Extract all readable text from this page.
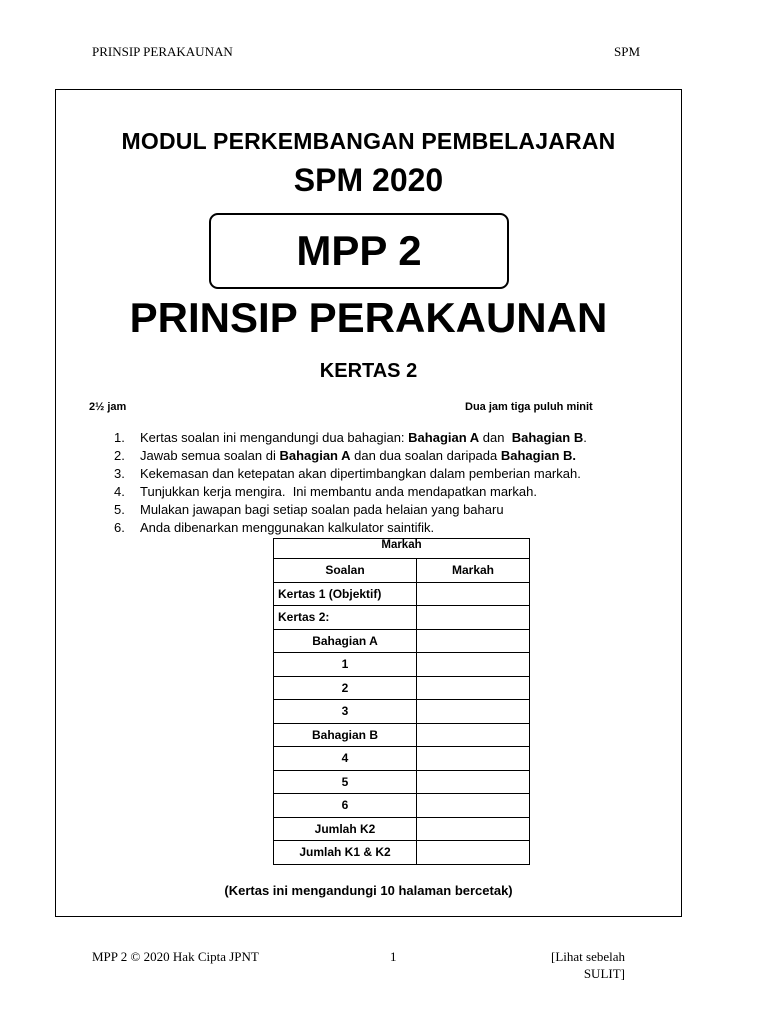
PRINSIP PERAKAUNAN	SPM
MODUL PERKEMBANGAN PEMBELAJARAN
SPM 2020
MPP 2
PRINSIP PERAKAUNAN
KERTAS 2
2½ jam	Dua jam tiga puluh minit
1.	Kertas soalan ini mengandungi dua bahagian: Bahagian A dan  Bahagian B.
2.	Jawab semua soalan di Bahagian A dan dua soalan daripada Bahagian B.
3.	Kekemasan dan ketepatan akan dipertimbangkan dalam pemberian markah.
4.	Tunjukkan kerja mengira.  Ini membantu anda mendapatkan markah.
5.	Mulakan jawapan bagi setiap soalan pada helaian yang baharu
6.	Anda dibenarkan menggunakan kalkulator saintifik.
Markah	
Soalan	Markah
Kertas 1 (Objektif)	
Kertas 2:	
Bahagian A	
1	
2	
3	
Bahagian B	
4	
5	
6	
Jumlah K2	
Jumlah K1 & K2	
(Kertas ini mengandungi 10 halaman bercetak)
MPP 2 © 2020 Hak Cipta JPNT	1	[Lihat sebelah
SULIT]
